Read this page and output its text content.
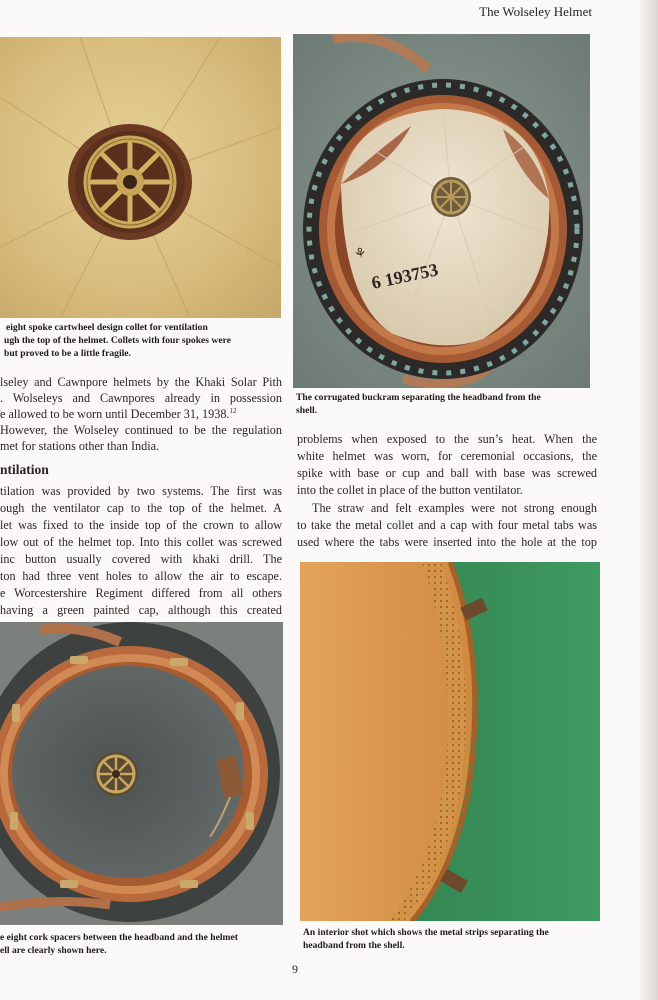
The Wolseley Helmet
eight spoke cartwheel design collet for ventilation
ugh the top of the helmet. Collets with four spokes were
but proved to be a little fragile.
⚘
6 193753
The corrugated buckram separating the headband from the
shell.
lseley and Cawnpore helmets by the Khaki Solar Pith
. Wolseleys and Cawnpores already in possession
e allowed to be worn until December 31, 1938.12
However, the Wolseley continued to be the regulation
met for stations other than India.
ntilation
tilation was provided by two systems. The first was
ough the ventilator cap to the top of the helmet. A
let was fixed to the inside top of the crown to allow
low out of the helmet top. Into this collet was screwed
inc button usually covered with khaki drill. The
ton had three vent holes to allow the air to escape.
e Worcestershire Regiment differed from all others
having a green painted cap, although this created
problems when exposed to the sun’s heat. When the
white helmet was worn, for ceremonial occasions, the
spike with base or cup and ball with base was screwed
into the collet in place of the button ventilator.
The straw and felt examples were not strong enough
to take the metal collet and a cap with four metal tabs was
used where the tabs were inserted into the hole at the top
e eight cork spacers between the headband and the helmet
ell are clearly shown here.
An interior shot which shows the metal strips separating the
headband from the shell.
9
